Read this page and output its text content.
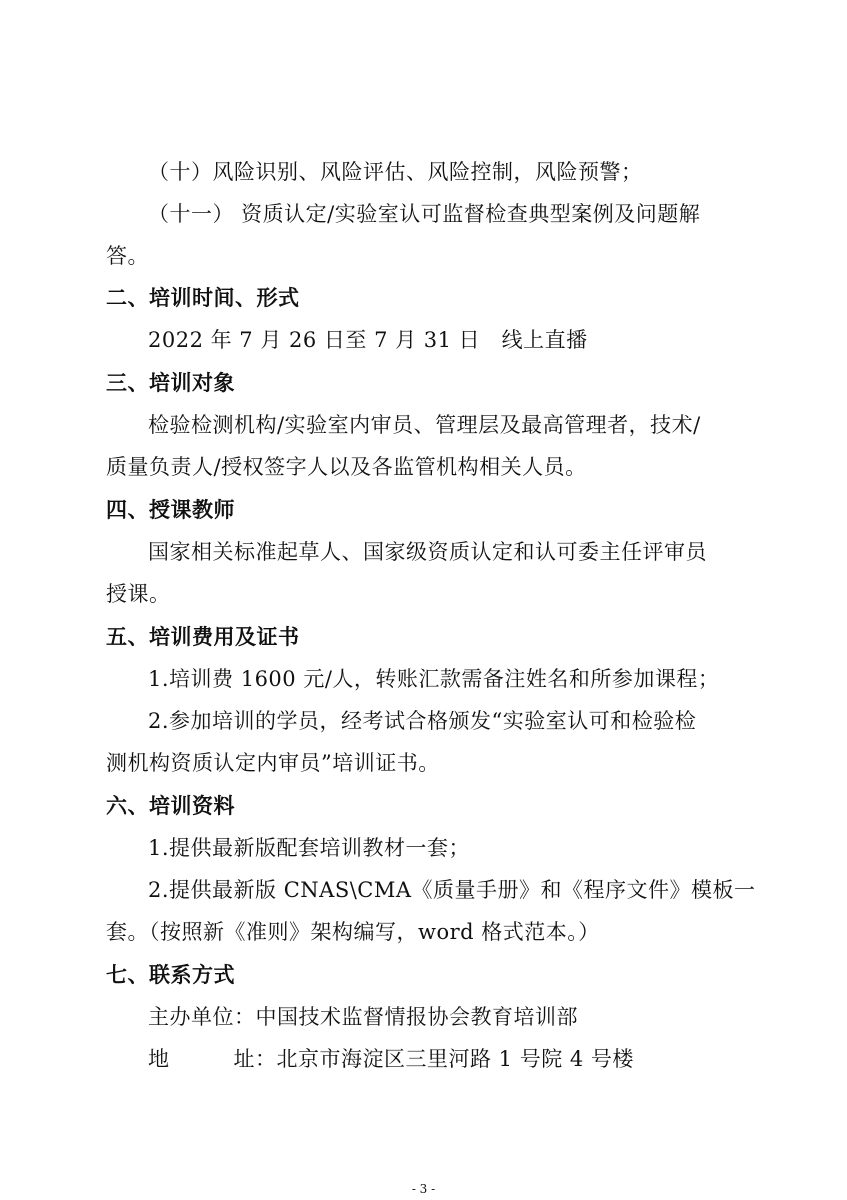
（十）风险识别、风险评估、风险控制，风险预警；
（十一） 资质认定/实验室认可监督检查典型案例及问题解
答。
二、培训时间、形式
2022 年 7 月 26 日至 7 月 31 日　线上直播
三、培训对象
检验检测机构/实验室内审员、管理层及最高管理者，技术/
质量负责人/授权签字人以及各监管机构相关人员。
四、授课教师
国家相关标准起草人、国家级资质认定和认可委主任评审员
授课。
五、培训费用及证书
1.培训费 1600 元/人，转账汇款需备注姓名和所参加课程；
2.参加培训的学员，经考试合格颁发“实验室认可和检验检
测机构资质认定内审员”培训证书。
六、培训资料
1.提供最新版配套培训教材一套；
2.提供最新版 CNAS\CMA《质量手册》和《程序文件》模板一
套。（按照新《准则》架构编写，word 格式范本。）
七、联系方式
主办单位：中国技术监督情报协会教育培训部
地	址：北京市海淀区三里河路 1 号院 4 号楼
- 3 -
